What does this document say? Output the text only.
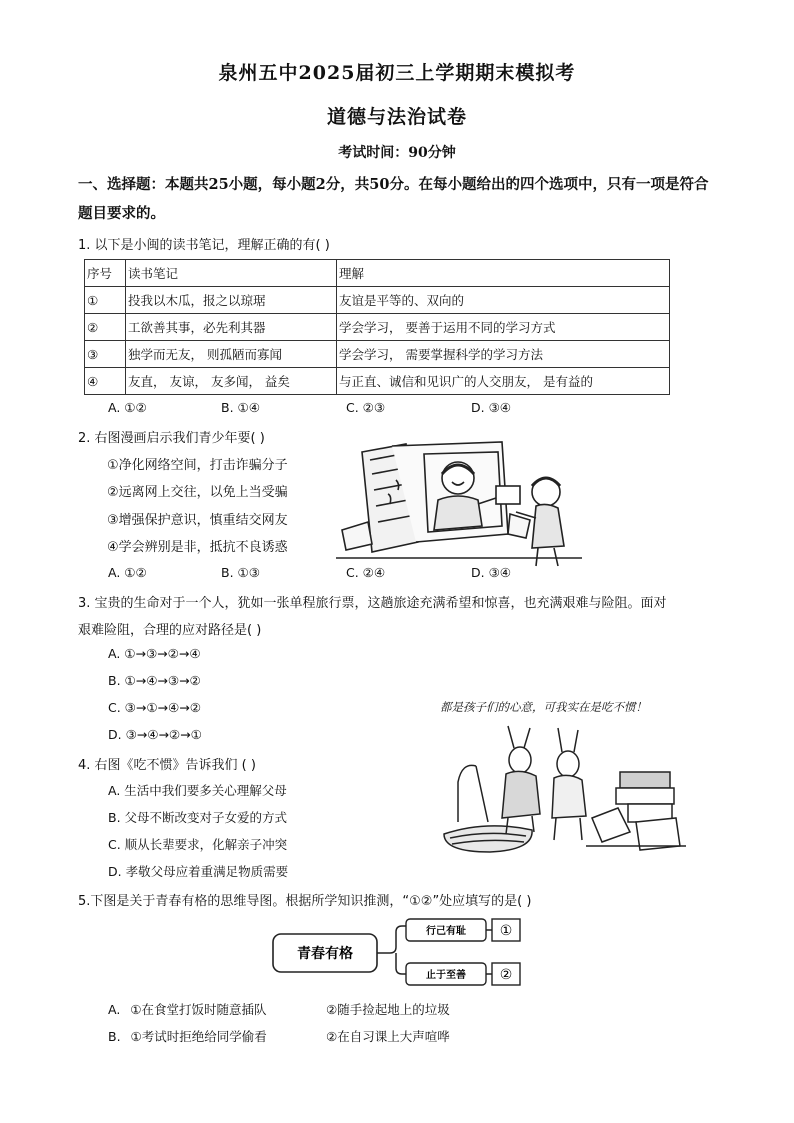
泉州五中2025届初三上学期期末模拟考
道德与法治试卷
考试时间：90分钟
一、选择题：本题共25小题，每小题2分，共50分。在每小题给出的四个选项中，只有一项是符合题目要求的。
1. 以下是小闽的读书笔记，理解正确的有( )
序号	读书笔记	理解
①	投我以木瓜，报之以琼琚	友谊是平等的、双向的
②	工欲善其事，必先利其器	学会学习， 要善于运用不同的学习方式
③	独学而无友， 则孤陋而寡闻	学会学习， 需要掌握科学的学习方法
④	友直， 友谅， 友多闻， 益矣	与正直、诚信和见识广的人交朋友， 是有益的
A. ①②	B. ①④	C. ②③	D. ③④
2. 右图漫画启示我们青少年要( )
①净化网络空间，打击诈骗分子
②远离网上交往，以免上当受骗
③增强保护意识，慎重结交网友
④学会辨别是非，抵抗不良诱惑
A. ①②	B. ①③	C. ②④	D. ③④
3. 宝贵的生命对于一个人，犹如一张单程旅行票，这趟旅途充满希望和惊喜，也充满艰难与险阻。面对
艰难险阻，合理的应对路径是( )
A. ①→③→②→④
B. ①→④→③→②
C. ③→①→④→②
D. ③→④→②→①
都是孩子们的心意，可我实在是吃不惯！
4. 右图《吃不惯》告诉我们 ( )
A. 生活中我们要多关心理解父母
B. 父母不断改变对子女爱的方式
C. 顺从长辈要求，化解亲子冲突
D. 孝敬父母应着重满足物质需要
5.下图是关于青春有格的思维导图。根据所学知识推测，“①②”处应填写的是( )
青春有格
行己有耻
止于至善
①
②
A. ①在食堂打饭时随意插队	②随手捡起地上的垃圾
B. ①考试时拒绝给同学偷看	②在自习课上大声喧哗
